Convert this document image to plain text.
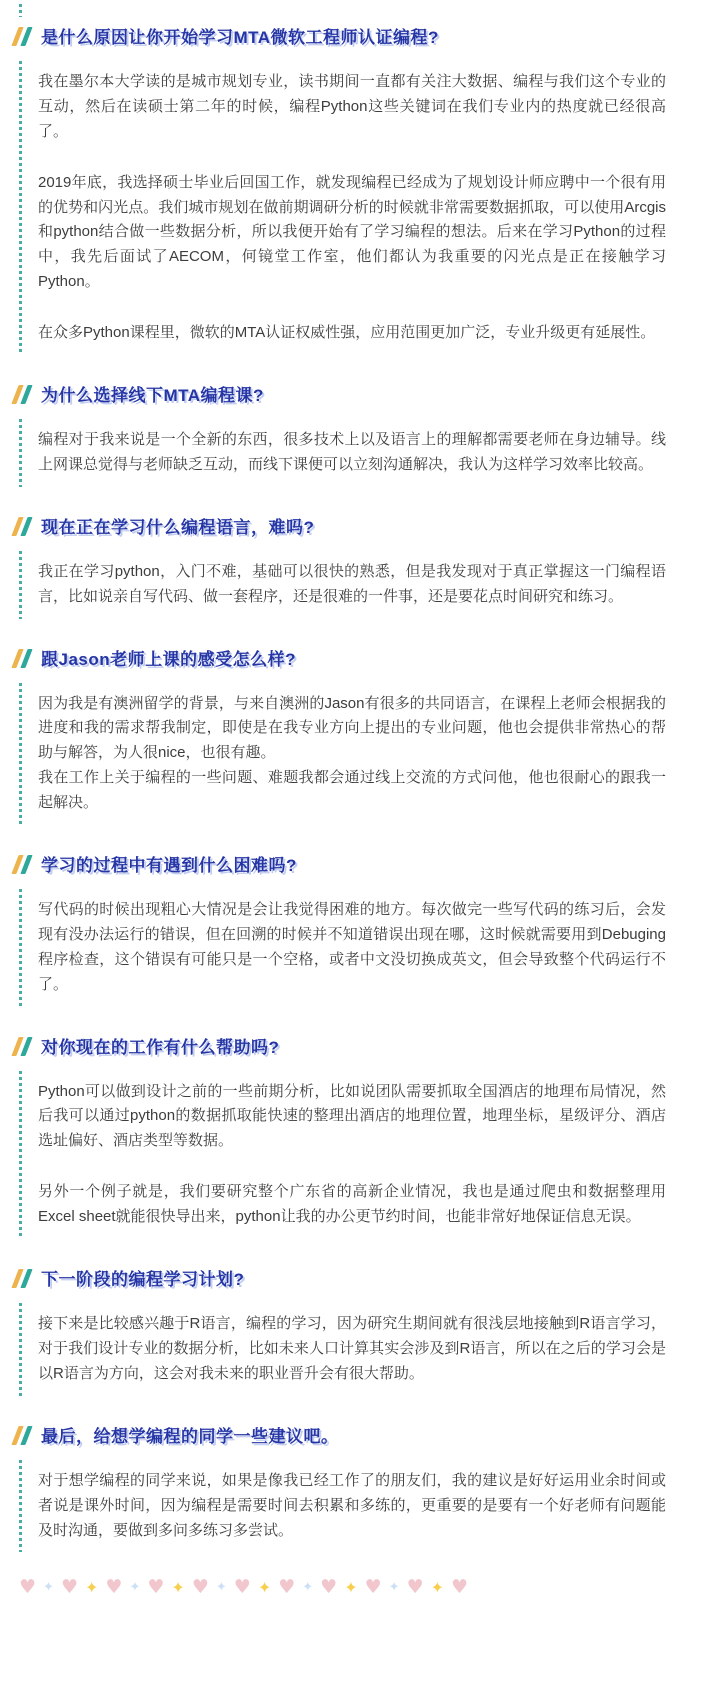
是什么原因让你开始学习MTA微软工程师认证编程?

我在墨尔本大学读的是城市规划专业，读书期间一直都有关注大数据、编程与我们这个专业的互动，然后在读硕士第二年的时候，编程Python这些关键词在我们专业内的热度就已经很高了。

2019年底，我选择硕士毕业后回国工作，就发现编程已经成为了规划设计师应聘中一个很有用的优势和闪光点。我们城市规划在做前期调研分析的时候就非常需要数据抓取，可以使用Arcgis和python结合做一些数据分析，所以我便开始有了学习编程的想法。后来在学习Python的过程中，我先后面试了AECOM，何镜堂工作室，他们都认为我重要的闪光点是正在接触学习Python。

在众多Python课程里，微软的MTA认证权威性强，应用范围更加广泛，专业升级更有延展性。

为什么选择线下MTA编程课?

编程对于我来说是一个全新的东西，很多技术上以及语言上的理解都需要老师在身边辅导。线上网课总觉得与老师缺乏互动，而线下课便可以立刻沟通解决，我认为这样学习效率比较高。

现在正在学习什么编程语言，难吗?

我正在学习python，入门不难，基础可以很快的熟悉，但是我发现对于真正掌握这一门编程语言，比如说亲自写代码、做一套程序，还是很难的一件事，还是要花点时间研究和练习。

跟Jason老师上课的感受怎么样?

因为我是有澳洲留学的背景，与来自澳洲的Jason有很多的共同语言，在课程上老师会根据我的进度和我的需求帮我制定，即使是在我专业方向上提出的专业问题，他也会提供非常热心的帮助与解答，为人很nice，也很有趣。
我在工作上关于编程的一些问题、难题我都会通过线上交流的方式问他，他也很耐心的跟我一起解决。

学习的过程中有遇到什么困难吗?

写代码的时候出现粗心大情况是会让我觉得困难的地方。每次做完一些写代码的练习后，会发现有没办法运行的错误，但在回溯的时候并不知道错误出现在哪，这时候就需要用到Debuging程序检查，这个错误有可能只是一个空格，或者中文没切换成英文，但会导致整个代码运行不了。

对你现在的工作有什么帮助吗?

Python可以做到设计之前的一些前期分析，比如说团队需要抓取全国酒店的地理布局情况，然后我可以通过python的数据抓取能快速的整理出酒店的地理位置，地理坐标，星级评分、酒店选址偏好、酒店类型等数据。

另外一个例子就是，我们要研究整个广东省的高新企业情况，我也是通过爬虫和数据整理用Excel sheet就能很快导出来，python让我的办公更节约时间，也能非常好地保证信息无误。

下一阶段的编程学习计划?

接下来是比较感兴趣于R语言，编程的学习，因为研究生期间就有很浅层地接触到R语言学习，对于我们设计专业的数据分析，比如未来人口计算其实会涉及到R语言，所以在之后的学习会是以R语言为方向，这会对我未来的职业晋升会有很大帮助。

最后，给想学编程的同学一些建议吧。

对于想学编程的同学来说，如果是像我已经工作了的朋友们，我的建议是好好运用业余时间或者说是课外时间，因为编程是需要时间去积累和多练的，更重要的是要有一个好老师有问题能及时沟通，要做到多问多练习多尝试。

♥ ✦ ♥ ✦ ♥ ✦ ♥ ✦ ♥ ✦ ♥ ✦ ♥ ✦ ♥ ✦ ♥ ✦ ♥ ✦ ♥
